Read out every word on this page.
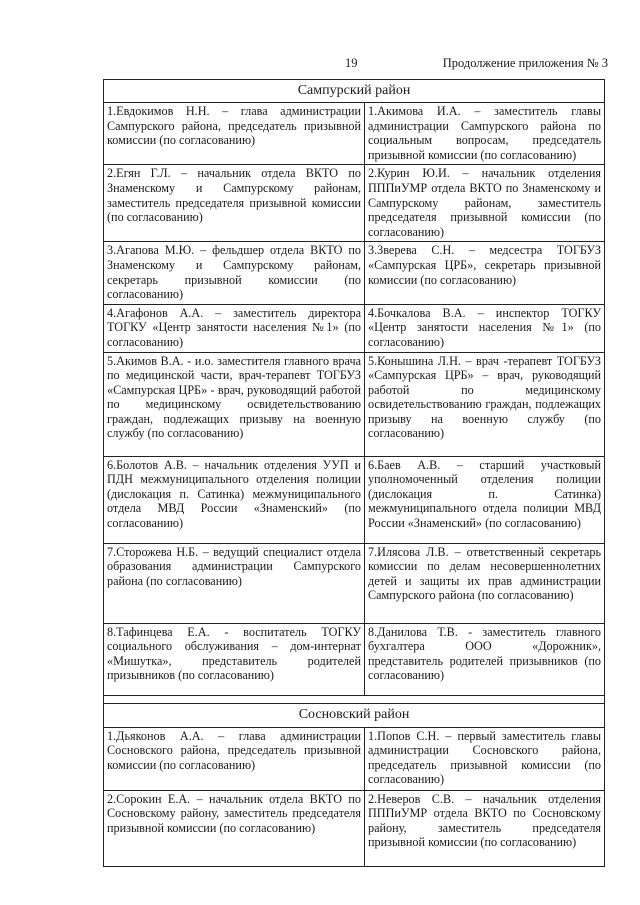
19	Продолжение приложения № 3
Сампурский район	
1.Евдокимов Н.Н. – глава администрации Сампурского района, председатель призывной комиссии (по согласованию)	1.Акимова И.А. – заместитель главы администрации Сампурского района по социальным вопросам, председатель призывной комиссии (по согласованию)
2.Егян Г.Л. – начальник отдела ВКТО по Знаменскому и Сампурскому районам, заместитель председателя призывной комиссии (по согласованию)	2.Курин Ю.И. – начальник отделения ПППиУМР отдела ВКТО по Знаменскому и Сампурскому районам, заместитель председателя призывной комиссии (по согласованию)
3.Агапова М.Ю. – фельдшер отдела ВКТО по Знаменскому и Сампурскому районам, секретарь призывной комиссии (по согласованию)	3.Зверева С.Н. – медсестра ТОГБУЗ «Сампурская ЦРБ», секретарь призывной комиссии (по согласованию)
4.Агафонов А.А. – заместитель директора ТОГКУ «Центр занятости населения №1» (по согласованию)	4.Бочкалова В.А. – инспектор ТОГКУ «Центр занятости населения №1» (по согласованию)
5.Акимов В.А. - и.о. заместителя главного врача по медицинской части, врач-терапевт ТОГБУЗ «Сампурская ЦРБ» - врач, руководящий работой по медицинскому освидетельствованию граждан, подлежащих призыву на военную службу (по согласованию)	5.Конышина Л.Н. – врач -терапевт ТОГБУЗ «Сампурская ЦРБ» – врач, руководящий работой по медицинскому освидетельствованию граждан, подлежащих призыву на военную службу (по согласованию)
6.Болотов А.В. – начальник отделения УУП и ПДН межмуниципального отделения полиции (дислокация п. Сатинка) межмуниципального отдела МВД России «Знаменский» (по согласованию)	6.Баев А.В. – старший участковый уполномоченный отделения полиции (дислокация п. Сатинка) межмуниципального отдела полиции МВД России «Знаменский» (по согласованию)
7.Сторожева Н.Б. – ведущий специалист отдела образования администрации Сампурского района (по согласованию)	7.Илясова Л.В. – ответственный секретарь комиссии по делам несовершеннолетних детей и защиты их прав администрации Сампурского района (по согласованию)
8.Тафинцева Е.А. - воспитатель ТОГКУ социального обслуживания – дом-интернат «Мишутка», представитель родителей призывников (по согласованию)	8.Данилова Т.В. - заместитель главного бухгалтера ООО «Дорожник», представитель родителей призывников (по согласованию)

Сосновский район	
1.Дьяконов А.А. – глава администрации Сосновского района, председатель призывной комиссии (по согласованию)	1.Попов С.Н. – первый заместитель главы администрации Сосновского района, председатель призывной комиссии (по согласованию)
2.Сорокин Е.А. – начальник отдела ВКТО по Сосновскому району, заместитель председателя призывной комиссии (по согласованию)	2.Неверов С.В. – начальник отделения ПППиУМР отдела ВКТО по Сосновскому району, заместитель председателя призывной комиссии (по согласованию)
